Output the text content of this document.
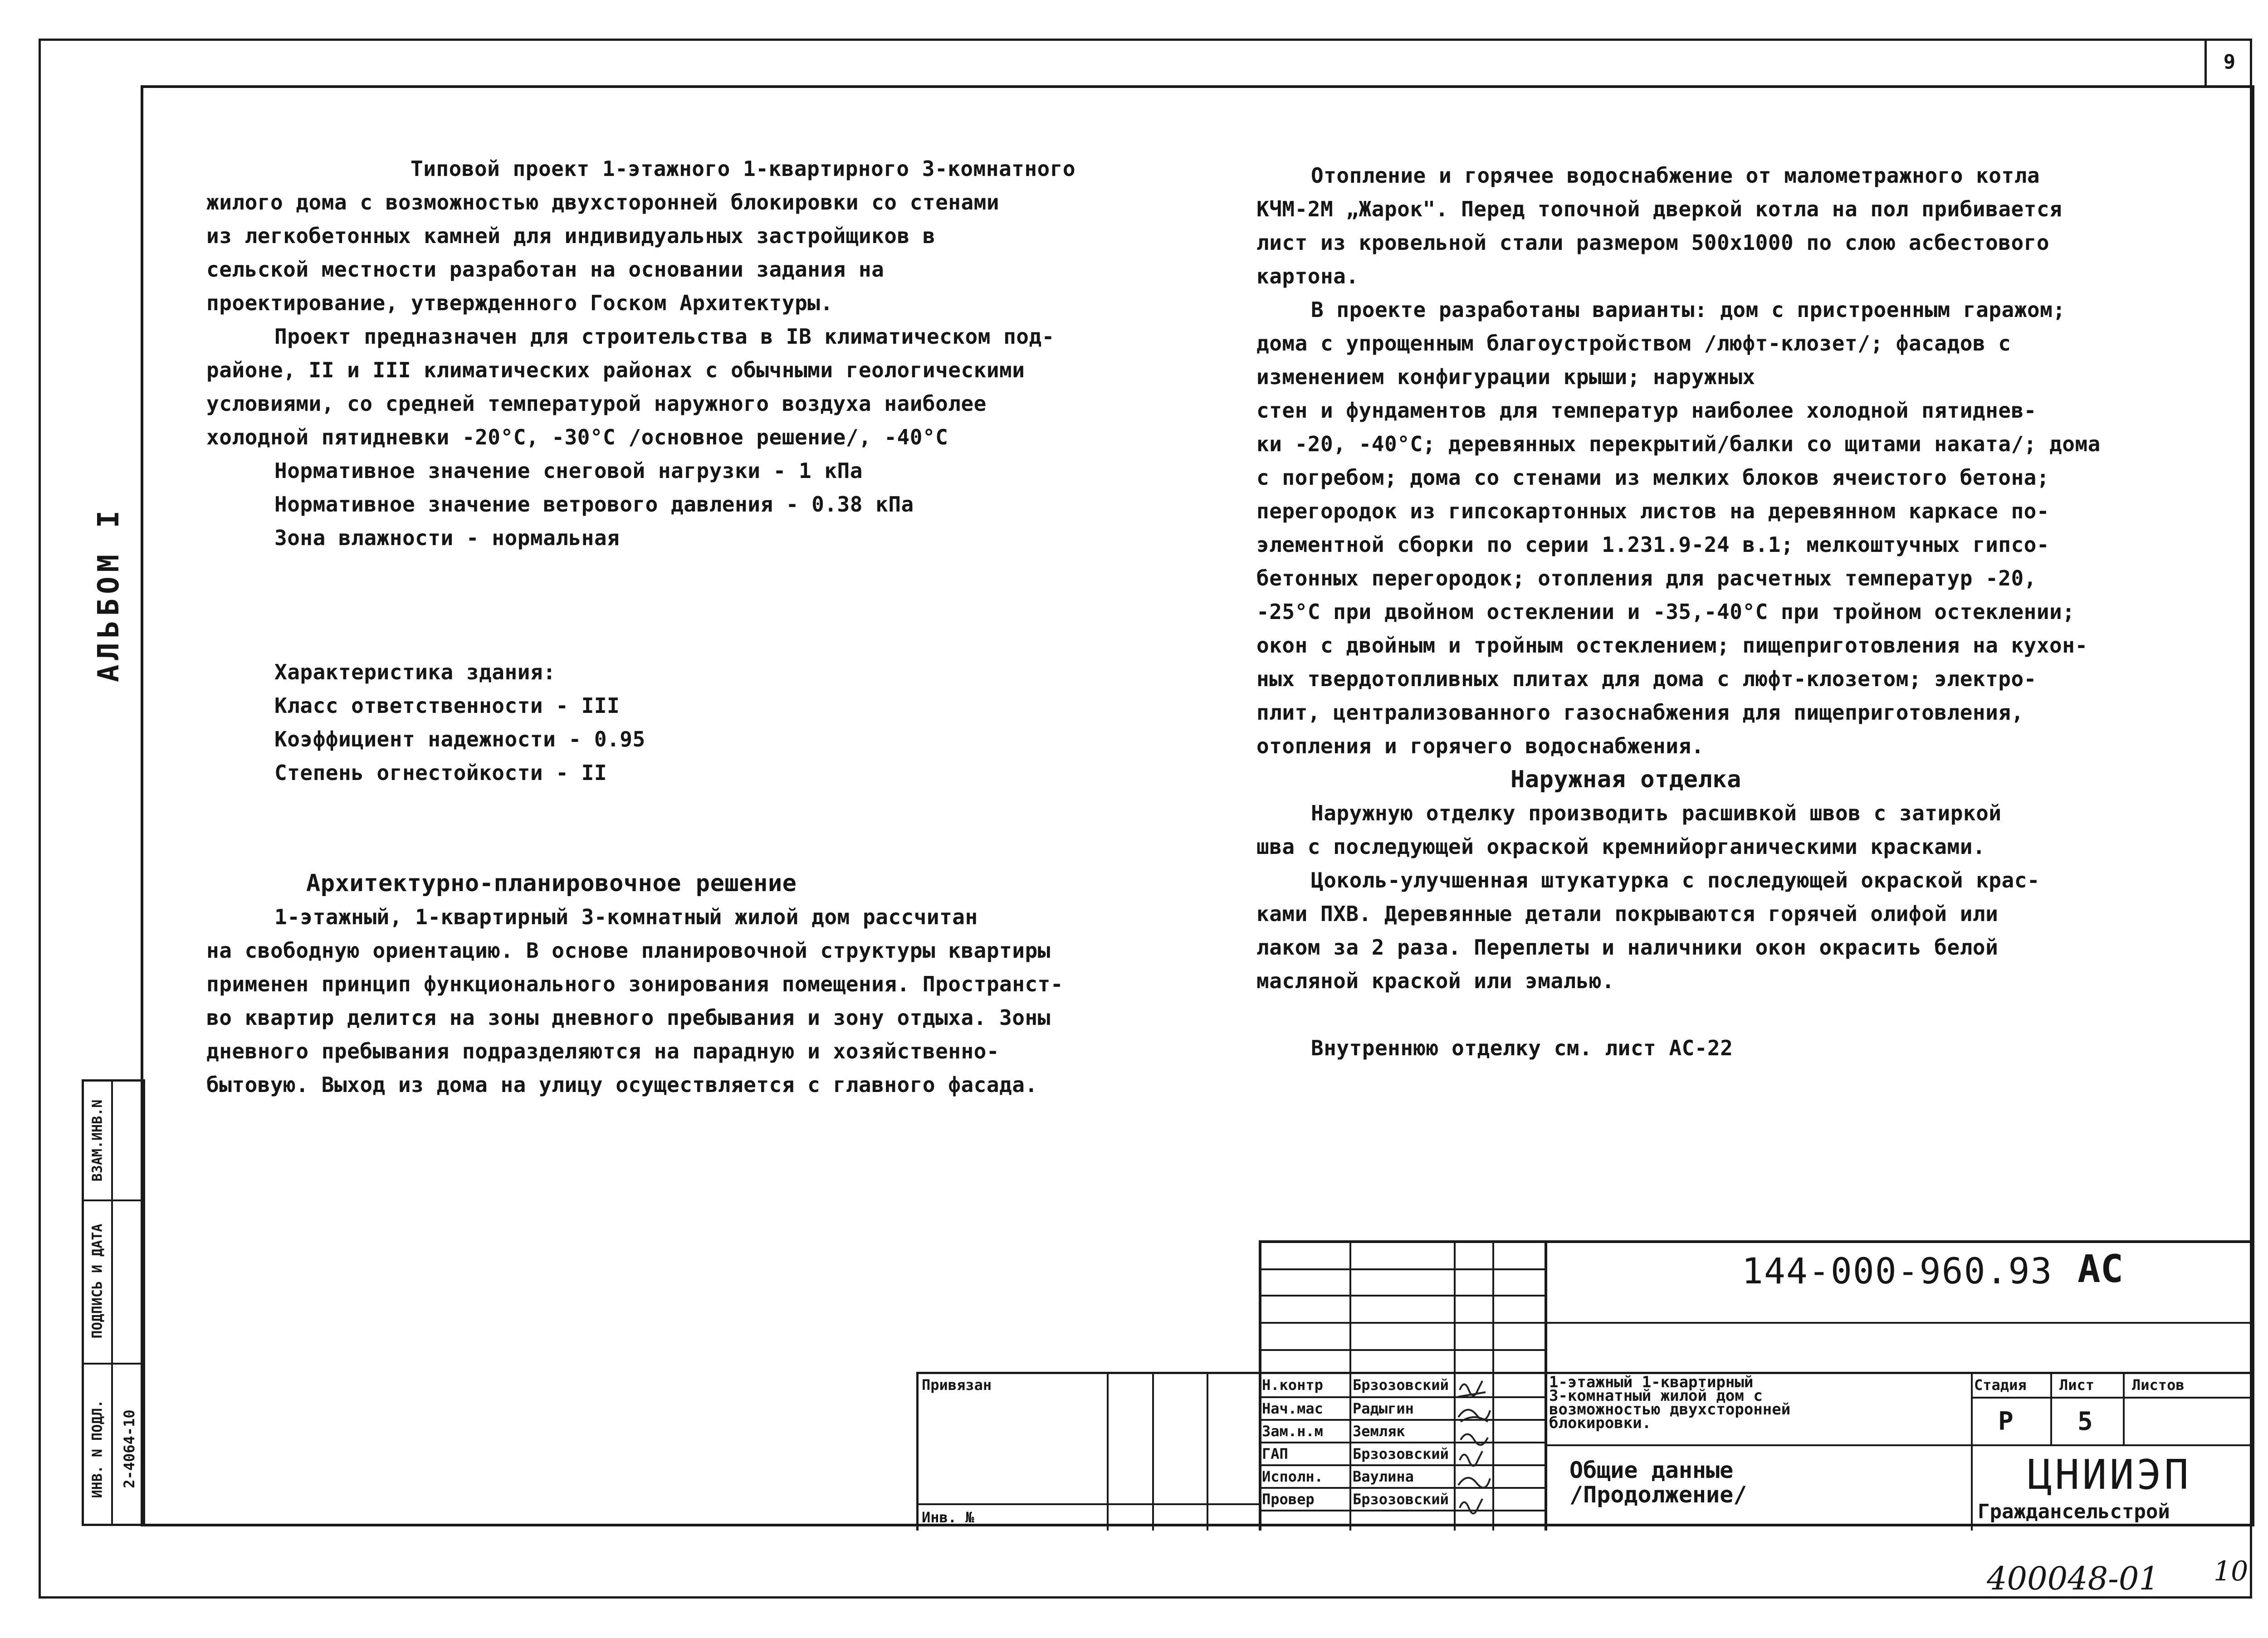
9
АЛЬБОМ I
ВЗАМ.ИНВ.N
ПОДПИСЬ И ДАТА
ИНВ. N ПОДЛ. 2-4064-10

Типовой проект 1-этажного 1-квартирного 3-комнатного

жилого дома с возможностью двухсторонней блокировки со стенами

из легкобетонных камней для индивидуальных застройщиков в

сельской местности разработан на основании задания на

проектирование, утвержденного Госком Архитектуры.

Проект предназначен для строительства в IВ климатическом под-

районе, II и III климатических районах с обычными геологическими

условиями, со средней температурой наружного воздуха наиболее

холодной пятидневки -20°С, -30°С /основное решение/, -40°С

Нормативное значение снеговой нагрузки - 1 кПа

Нормативное значение ветрового давления - 0.38 кПа

Зона влажности - нормальная

Характеристика здания:

Класс ответственности - III

Коэффициент надежности - 0.95

Степень огнестойкости - II

Архитектурно-планировочное решение

1-этажный, 1-квартирный 3-комнатный жилой дом рассчитан

на свободную ориентацию. В основе планировочной структуры квартиры

применен принцип функционального зонирования помещения. Пространст-

во квартир делится на зоны дневного пребывания и зону отдыха. Зоны

дневного пребывания подразделяются на парадную и хозяйственно-

бытовую. Выход из дома на улицу осуществляется с главного фасада.

Отопление и горячее водоснабжение от малометражного котла

КЧМ-2М „Жарок". Перед топочной дверкой котла на пол прибивается

лист из кровельной стали размером 500х1000 по слою асбестового

картона.

В проекте разработаны варианты: дом с пристроенным гаражом;

дома с упрощенным благоустройством /люфт-клозет/; фасадов с

изменением конфигурации крыши; наружных

стен и фундаментов для температур наиболее холодной пятиднев-

ки -20, -40°С; деревянных перекрытий/балки со щитами наката/; дома

с погребом; дома со стенами из мелких блоков ячеистого бетона;

перегородок из гипсокартонных листов на деревянном каркасе по-

элементной сборки по серии 1.231.9-24 в.1; мелкоштучных гипсо-

бетонных перегородок; отопления для расчетных температур -20,

-25°С при двойном остеклении и -35,-40°С при тройном остеклении;

окон с двойным и тройным остеклением; пищеприготовления на кухон-

ных твердотопливных плитах для дома с люфт-клозетом; электро-

плит, централизованного газоснабжения для пищеприготовления,

отопления и горячего водоснабжения.

Наружная отделка

Наружную отделку производить расшивкой швов с затиркой

шва с последующей окраской кремнийорганическими красками.

Цоколь-улучшенная штукатурка с последующей окраской крас-

ками ПХВ. Деревянные детали покрываются горячей олифой или

лаком за 2 раза. Переплеты и наличники окон окрасить белой

масляной краской или эмалью.

Внутреннюю отделку см. лист АС-22

Привязан
Инв. №
Н.контр Брзозовский
Нач.мас Радыгин
Зам.н.м Земляк
ГАП	Брзозовский
Исполн. Ваулина
Провер	Брзозовский
144-000-960.93 АС
1-этажный 1-квартирный
3-комнатный жилой дом с
возможностью двухсторонней
блокировки.
Общие данные
/Продолжение/
Стадия Лист	Листов
Р	5
ЦНИИЭП
Граждансельстрой
400048-01 10
